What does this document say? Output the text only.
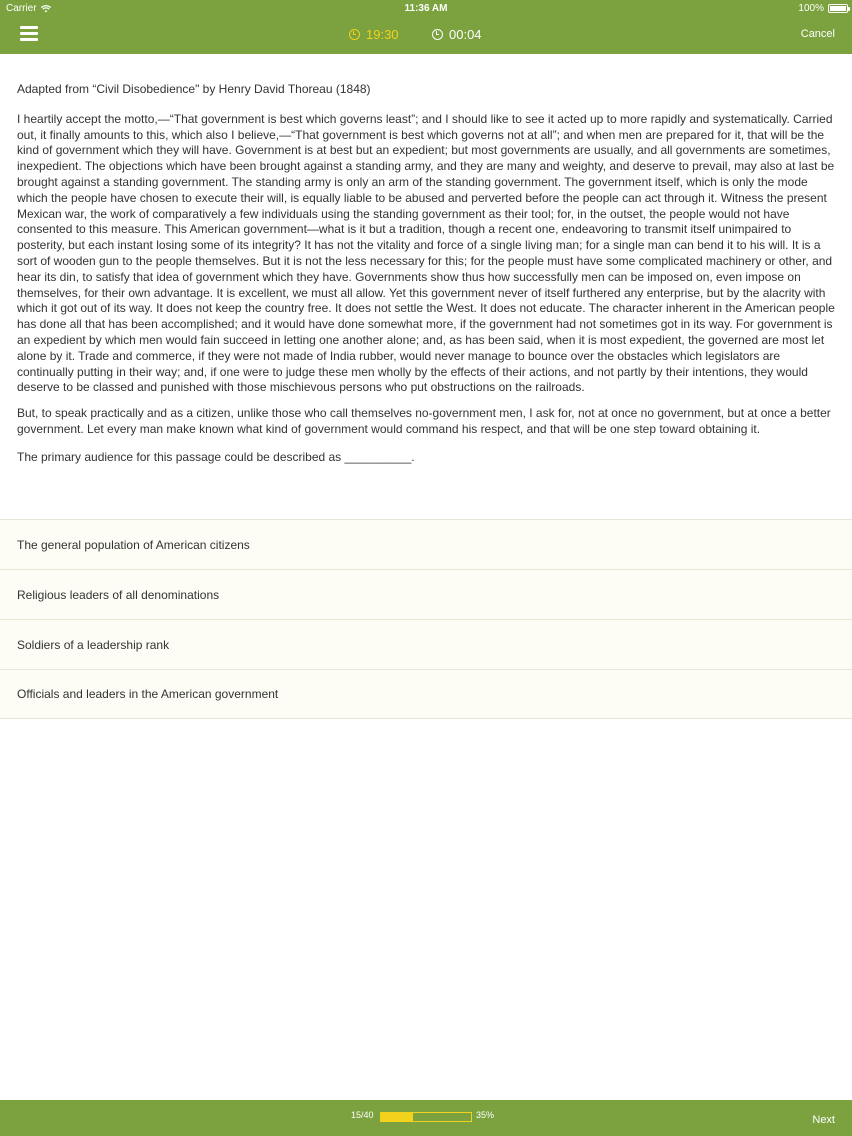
Carrier	11:36 AM	100%
19:30	00:04	Cancel

Adapted from “Civil Disobedience" by Henry David Thoreau (1848)

I heartily accept the motto,—“That government is best which governs least”; and I should like to see it acted up to more rapidly and systematically. Carried out, it finally amounts to this, which also I believe,—“That government is best which governs not at all”; and when men are prepared for it, that will be the kind of government which they will have. Government is at best but an expedient; but most governments are usually, and all governments are sometimes, inexpedient. The objections which have been brought against a standing army, and they are many and weighty, and deserve to prevail, may also at last be brought against a standing government. The standing army is only an arm of the standing government. The government itself, which is only the mode which the people have chosen to execute their will, is equally liable to be abused and perverted before the people can act through it. Witness the present Mexican war, the work of comparatively a few individuals using the standing government as their tool; for, in the outset, the people would not have consented to this measure. This American government—what is it but a tradition, though a recent one, endeavoring to transmit itself unimpaired to posterity, but each instant losing some of its integrity? It has not the vitality and force of a single living man; for a single man can bend it to his will. It is a sort of wooden gun to the people themselves. But it is not the less necessary for this; for the people must have some complicated machinery or other, and hear its din, to satisfy that idea of government which they have. Governments show thus how successfully men can be imposed on, even impose on themselves, for their own advantage. It is excellent, we must all allow. Yet this government never of itself furthered any enterprise, but by the alacrity with which it got out of its way. It does not keep the country free. It does not settle the West. It does not educate. The character inherent in the American people has done all that has been accomplished; and it would have done somewhat more, if the government had not sometimes got in its way. For government is an expedient by which men would fain succeed in letting one another alone; and, as has been said, when it is most expedient, the governed are most let alone by it. Trade and commerce, if they were not made of India rubber, would never manage to bounce over the obstacles which legislators are continually putting in their way; and, if one were to judge these men wholly by the effects of their actions, and not partly by their intentions, they would deserve to be classed and punished with those mischievous persons who put obstructions on the railroads.

But, to speak practically and as a citizen, unlike those who call themselves no-government men, I ask for, not at once no government, but at once a better government. Let every man make known what kind of government would command his respect, and that will be one step toward obtaining it.

The primary audience for this passage could be described as __________.

The general population of American citizens
Religious leaders of all denominations
Soldiers of a leadership rank
Officials and leaders in the American government
15/40	35%	Next
